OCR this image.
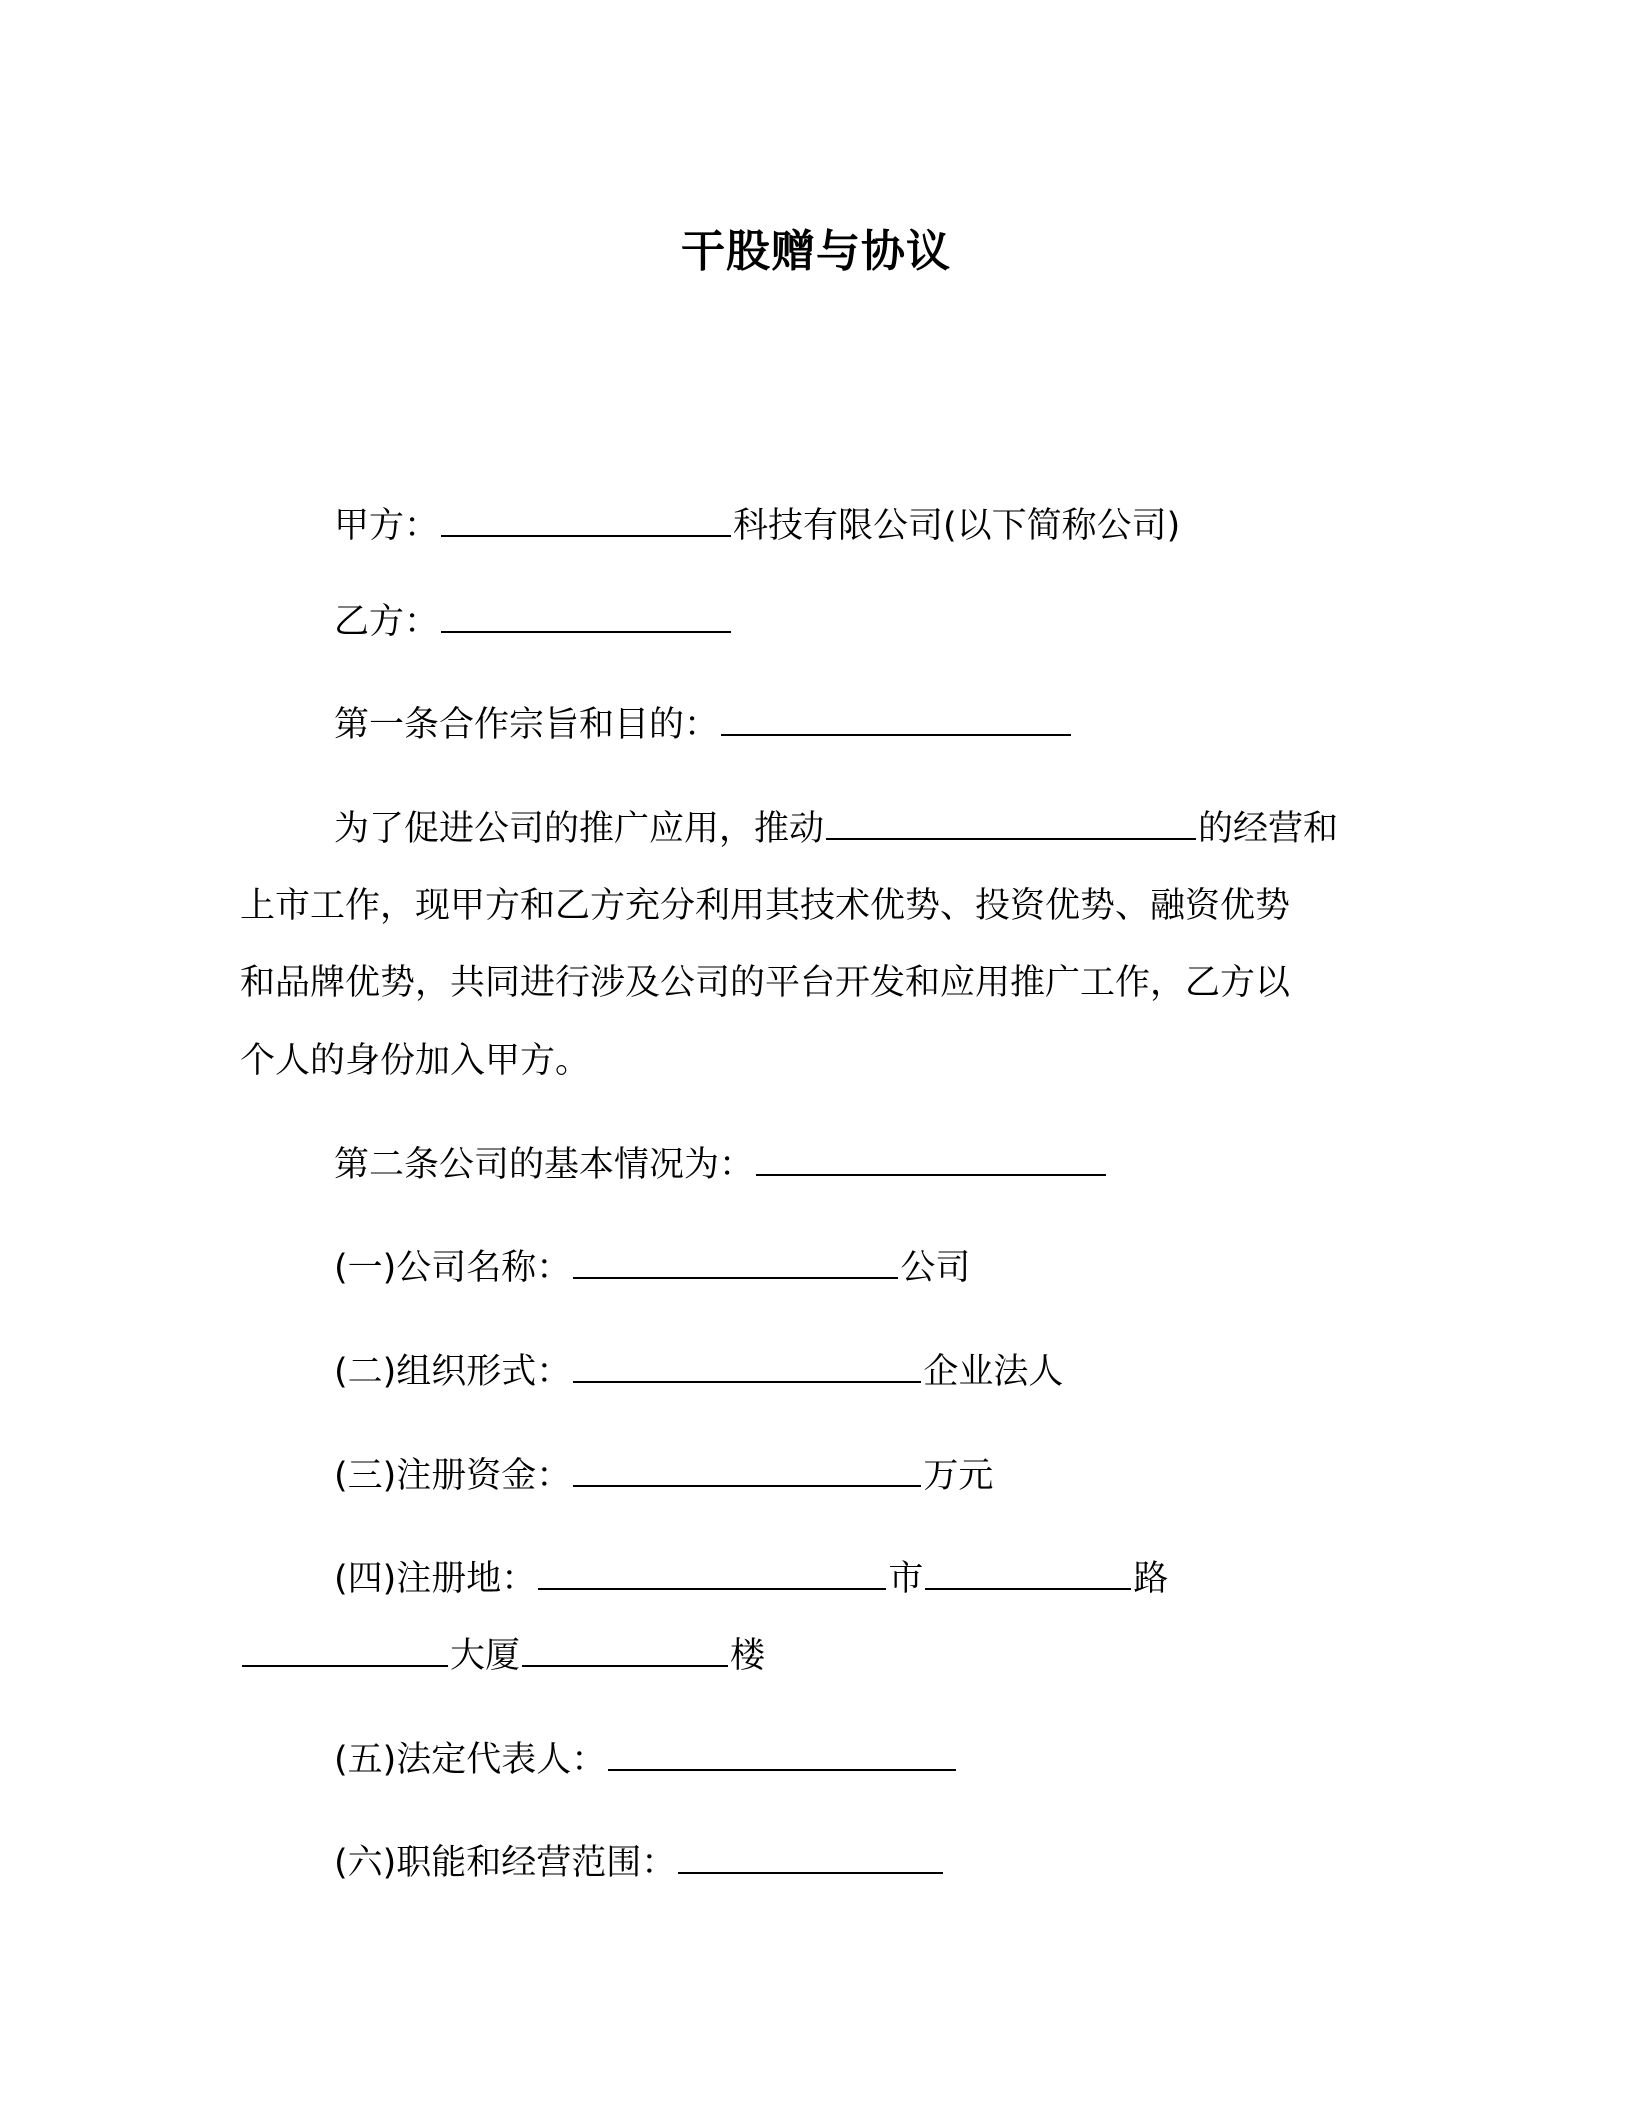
干股赠与协议
甲方：	科技有限公司(以下简称公司)
乙方：
第一条合作宗旨和目的：
为了促进公司的推广应用，推动	的经营和
上市工作，现甲方和乙方充分利用其技术优势、投资优势、融资优势
和品牌优势，共同进行涉及公司的平台开发和应用推广工作，乙方以
个人的身份加入甲方。
第二条公司的基本情况为：
(一)公司名称：	公司
(二)组织形式：	企业法人
(三)注册资金：	万元
(四)注册地：	市	路
大厦	楼
(五)法定代表人：
(六)职能和经营范围：
